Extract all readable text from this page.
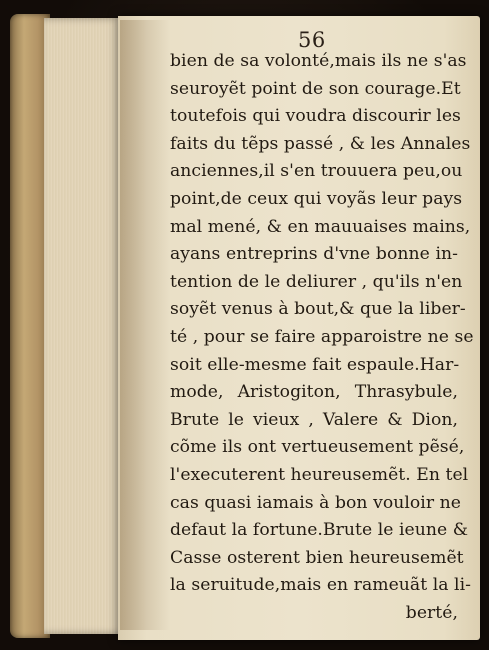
56
bien de sa volonté,mais ils ne s'as
seuroyẽt point de son courage.Et
toutefois qui voudra discourir les
faits du tẽps passé , & les Annales
anciennes,il s'en trouuera peu,ou
point,de ceux qui voyãs leur pays
mal mené, & en mauuaises mains,
ayans entreprins d'vne bonne in-
tention de le deliurer , qu'ils n'en
soyẽt venus à bout,& que la liber-
té , pour se faire apparoistre ne se
soit elle-mesme fait espaule.Har-
mode, Aristogiton, Thrasybule,
Brute le vieux , Valere & Dion,
cõme ils ont vertueusement pẽsé,
l'executerent heureusemẽt. En tel
cas quasi iamais à bon vouloir ne
defaut la fortune.Brute le ieune &
Casse osterent bien heureusemẽt
la seruitude,mais en rameuãt la li-
berté,
